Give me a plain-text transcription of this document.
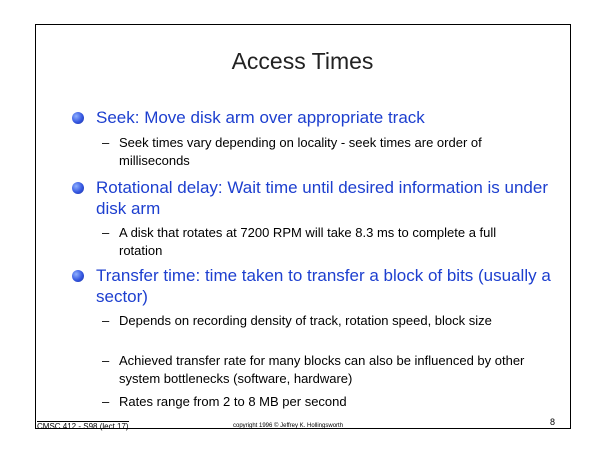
Access Times
Seek: Move disk arm over appropriate track
– Seek times vary depending on locality - seek times are order of milliseconds
Rotational delay: Wait time until desired information is under disk arm
– A disk that rotates at 7200 RPM will take 8.3 ms to complete a full rotation
Transfer time: time taken to transfer a block of bits (usually a sector)
– Depends on recording density of track, rotation speed, block size
– Achieved transfer rate for many blocks can also be influenced by other system bottlenecks (software, hardware)
– Rates range from 2 to 8 MB per second
CMSC 412 - S98 (lect 17)	copyright 1996 © Jeffrey K. Hollingsworth	8
